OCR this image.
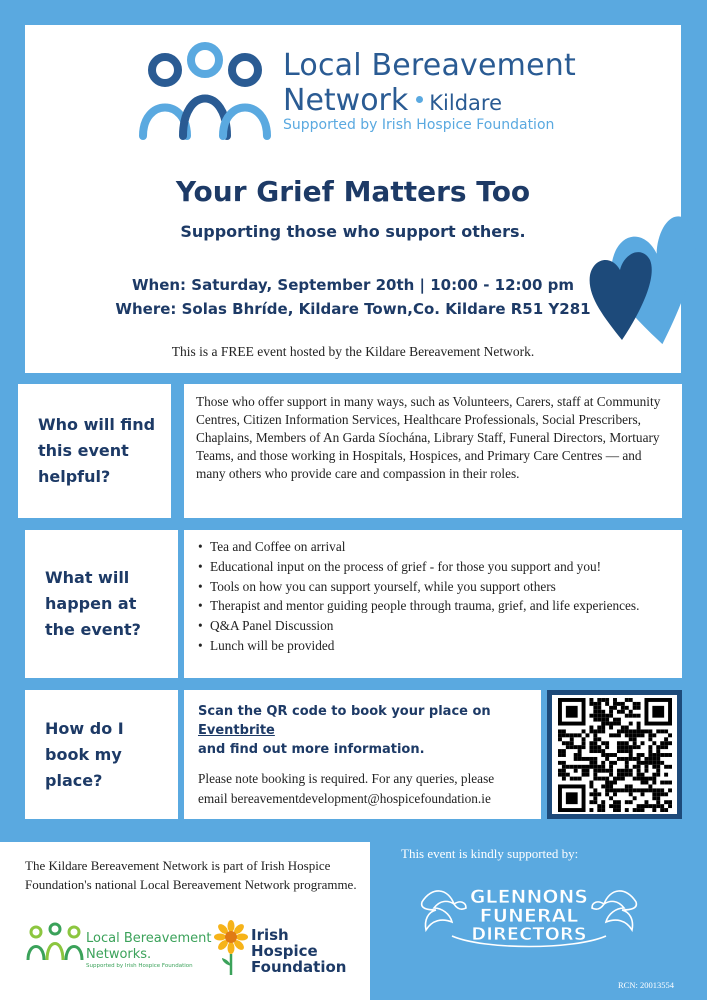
Local Bereavement
Network Kildare
Supported by Irish Hospice Foundation
Your Grief Matters Too
Supporting those who support others.
When: Saturday, September 20th | 10:00 - 12:00 pm
Where: Solas Bhríde, Kildare Town,Co. Kildare R51 Y281
This is a FREE event hosted by the Kildare Bereavement Network.
Who will find
this event
helpful?

Those who offer support in many ways, such as Volunteers, Carers, staff at Community Centres, Citizen Information Services, Healthcare Professionals, Social Prescribers, Chaplains, Members of An Garda Síochána, Library Staff, Funeral Directors, Mortuary Teams, and those working in Hospitals, Hospices, and Primary Care Centres — and many others who provide care and compassion in their roles.

What will
happen at
the event?
• Tea and Coffee on arrival
• Educational input on the process of grief - for those you support and you!
• Tools on how you can support yourself, while you support others
• Therapist and mentor guiding people through trauma, grief, and life experiences.
• Q&A Panel Discussion
• Lunch will be provided
How do I
book my
place?
Scan the QR code to book your place on Eventbrite
and find out more information.
Please note booking is required. For any queries, please
email bereavementdevelopment@hospicefoundation.ie

The Kildare Bereavement Network is part of Irish Hospice Foundation's national Local Bereavement Network programme.

Local Bereavement
Networks.
Supported by Irish Hospice Foundation
Irish
Hospice
Foundation
This event is kindly supported by:
GLENNONS
FUNERAL
DIRECTORS
RCN: 20013554
